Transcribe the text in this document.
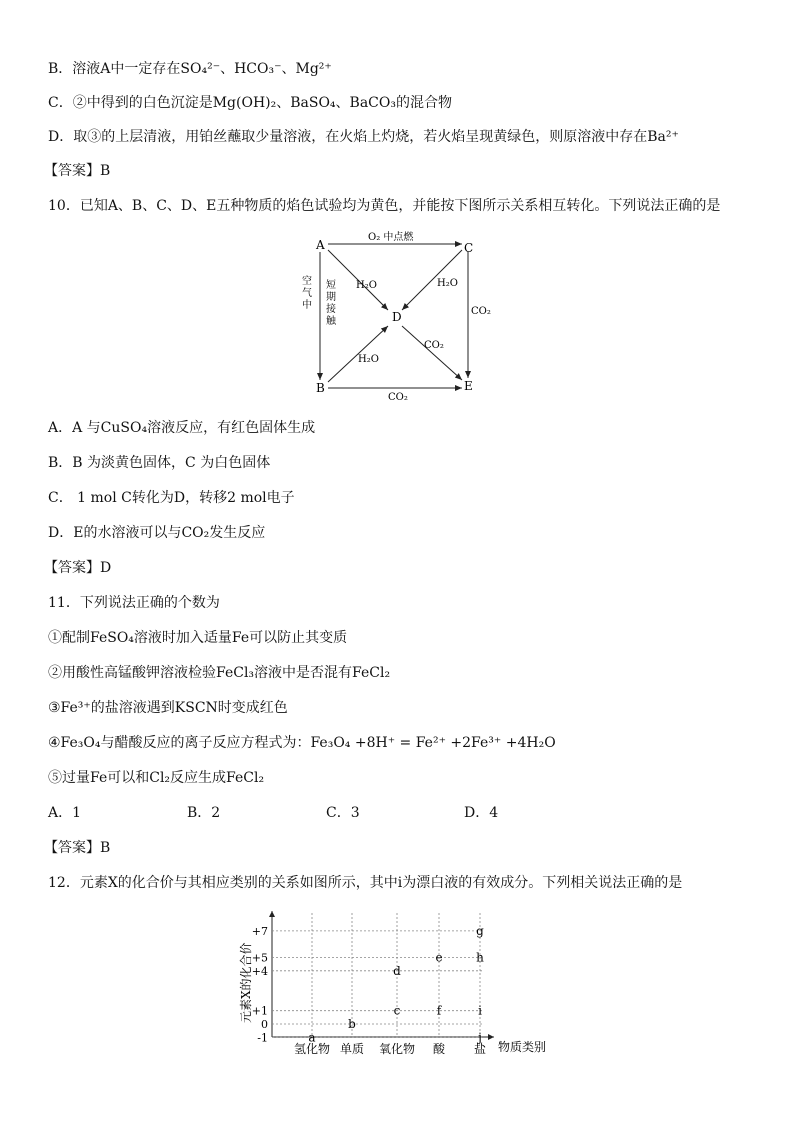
B．溶液A中一定存在SO₄²⁻、HCO₃⁻、Mg²⁺
C．②中得到的白色沉淀是Mg(OH)₂、BaSO₄、BaCO₃的混合物
D．取③的上层清液，用铂丝蘸取少量溶液，在火焰上灼烧，若火焰呈现黄绿色，则原溶液中存在Ba²⁺
【答案】B
10．已知A、B、C、D、E五种物质的焰色试验均为黄色，并能按下图所示关系相互转化。下列说法正确的是
A
B
C
D
E
O₂ 中点燃
空
气
中
短
期
接
触
H₂O	H₂O
H₂O
CO₂
CO₂
CO₂
A．A 与CuSO₄溶液反应，有红色固体生成
B．B 为淡黄色固体，C 为白色固体
C． 1 mol C转化为D，转移2 mol电子
D．E的水溶液可以与CO₂发生反应
【答案】D
11．下列说法正确的个数为
①配制FeSO₄溶液时加入适量Fe可以防止其变质
②用酸性高锰酸钾溶液检验FeCl₃溶液中是否混有FeCl₂
③Fe³⁺的盐溶液遇到KSCN时变成红色
④Fe₃O₄与醋酸反应的离子反应方程式为：Fe₃O₄ +8H⁺ = Fe²⁺ +2Fe³⁺ +4H₂O
⑤过量Fe可以和Cl₂反应生成FeCl₂
A．1	B．2	C．3	D．4
【答案】B
12．元素X的化合价与其相应类别的关系如图所示，其中i为漂白液的有效成分。下列相关说法正确的是
元素X的化合价
物质类别
+7
+5
+4
+1
0
-1
氢化物 单质 氧化物 酸 盐
a
b
c
d
e
f
g
h
i
j
